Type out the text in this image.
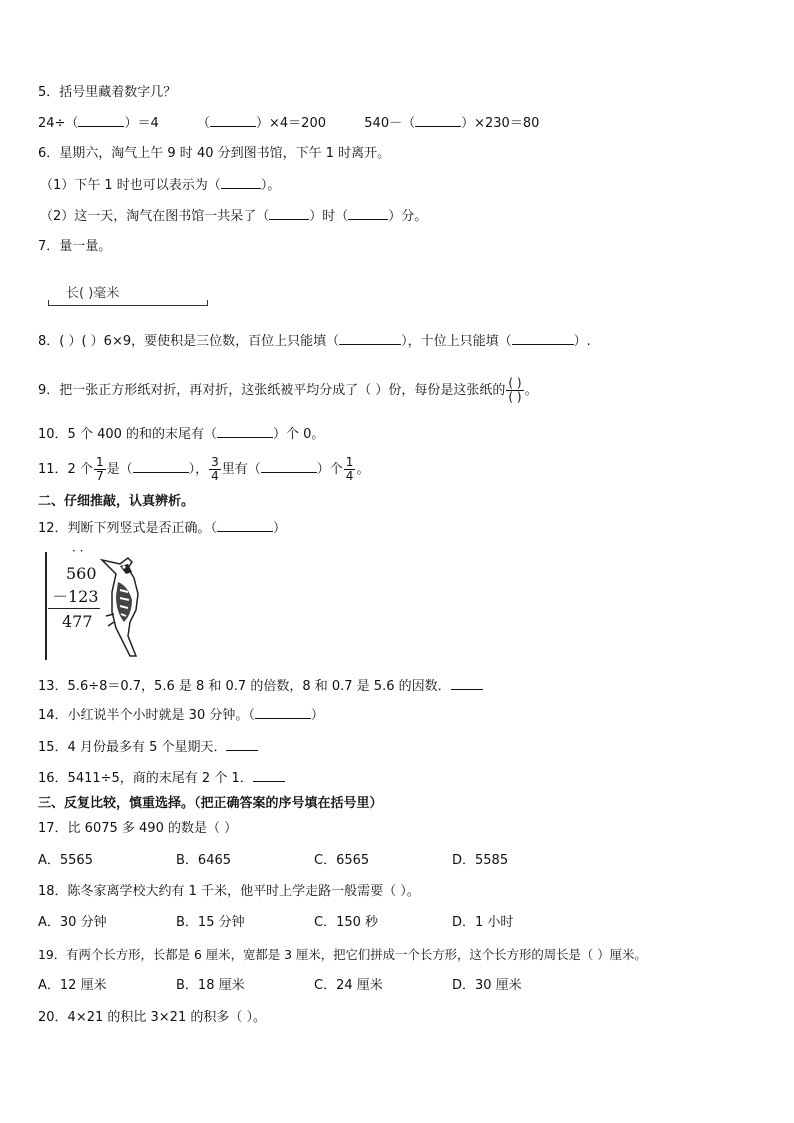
5．括号里藏着数字几？
24÷（	）＝4	（	）×4＝200	540－（	）×230＝80
6．星期六，淘气上午 9 时 40 分到图书馆，下午 1 时离开。
（1）下午 1 时也可以表示为（	）。
（2）这一天，淘气在图书馆一共呆了（	）时（	）分。
7．量一量。
长( )毫米
8．( ）( ）6×9，要使积是三位数，百位上只能填（	），十位上只能填（	）.
9．把一张正方形纸对折，再对折，这张纸被平均分成了（ ）份，每份是这张纸的 $\frac{( )}{( )}$ 。
10．5 个 400 的和的末尾有（	）个 0。
11．2 个 $\frac{1}{7}$ 是（	）， $\frac{3}{4}$ 里有（	）个 $\frac{1}{4}$ 。
二、仔细推敲，认真辨析。
12．判断下列竖式是否正确。（	）
· ·
560
－123
477
13．5.6÷8＝0.7，5.6 是 8 和 0.7 的倍数，8 和 0.7 是 5.6 的因数．
14．小红说半个小时就是 30 分钟。（	）
15．4 月份最多有 5 个星期天．
16．5411÷5，商的末尾有 2 个 1．
三、反复比较，慎重选择。（把正确答案的序号填在括号里）
17．比 6075 多 490 的数是（ ）
A．5565	B．6465	C．6565	D．5585
18．陈冬家离学校大约有 1 千米，他平时上学走路一般需要（ ）。
A．30 分钟	B．15 分钟	C．150 秒	D．1 小时
19．有两个长方形，长都是 6 厘米，宽都是 3 厘米，把它们拼成一个长方形，这个长方形的周长是（ ）厘米。
A．12 厘米	B．18 厘米	C．24 厘米	D．30 厘米
20．4×21 的积比 3×21 的积多（ ）。
